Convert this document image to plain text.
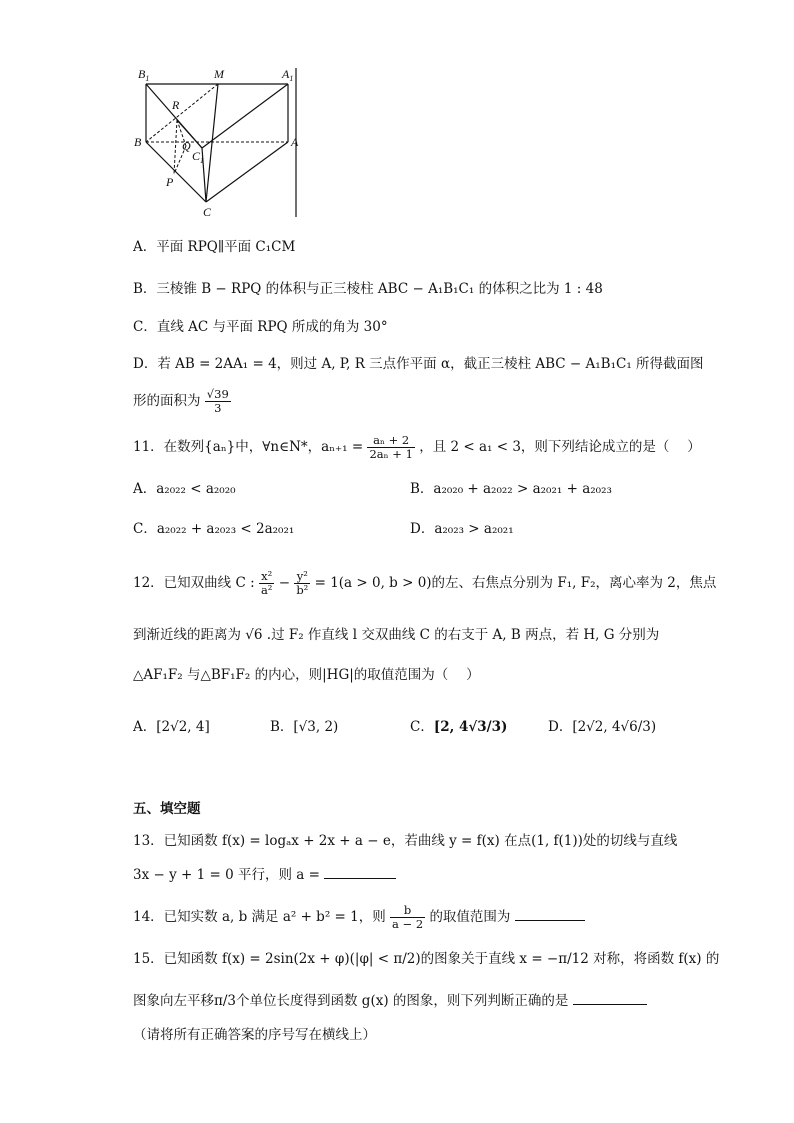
$B_1$	M	$A_1$
R
B	Q
$C_1$
A
P
C
A．平面 RPQ∥平面 C₁CM
B．三棱锥 B − RPQ 的体积与正三棱柱 ABC − A₁B₁C₁ 的体积之比为 1 : 48
C．直线 AC 与平面 RPQ 所成的角为 30°
D．若 AB = 2AA₁ = 4，则过 A, P, R 三点作平面 α，截正三棱柱 ABC − A₁B₁C₁ 所得截面图
形的面积为 $\frac{√39}{3}$
11．在数列{aₙ}中，∀n∈N*，$a_{n+1} = \frac{\text{aₙ + 2}}{\text{2aₙ + 1}}$ ，且 2 < a₁ < 3，则下列结论成立的是（　 ）
A．a₂₀₂₂ < a₂₀₂₀	B．a₂₀₂₀ + a₂₀₂₂ > a₂₀₂₁ + a₂₀₂₃
C．a₂₀₂₂ + a₂₀₂₃ < 2a₂₀₂₁	D．a₂₀₂₃ > a₂₀₂₁
12．已知双曲线 C : $\frac{\text{x²}}{\text{a²}} - \frac{\text{y²}}{\text{b²}} = 1(a > 0$, b > 0)的左、右焦点分别为 F₁, F₂，离心率为 2，焦点
到渐近线的距离为 √6 .过 F₂ 作直线 l 交双曲线 C 的右支于 A, B 两点，若 H, G 分别为
△AF₁F₂ 与△BF₁F₂ 的内心，则|HG|的取值范围为（　 ）
A．[2√2, 4]	B．[√3, 2)	C．[2, 4√3/3)	D．[2√2, 4√6/3)
五、填空题
13．已知函数 f(x) = logₐx + 2x + a − e，若曲线 y = f(x) 在点(1, f(1))处的切线与直线
3x − y + 1 = 0 平行，则 a =
14．已知实数 a, b 满足 a² + b² = 1，则 $\frac{b}{a - 2}$ 的取值范围为
15．已知函数 f(x) = 2sin(2x + φ)(|φ| < π/2)的图象关于直线 x = −π/12 对称，将函数 f(x) 的
图象向左平移π/3个单位长度得到函数 g(x) 的图象，则下列判断正确的是
（请将所有正确答案的序号写在横线上）
